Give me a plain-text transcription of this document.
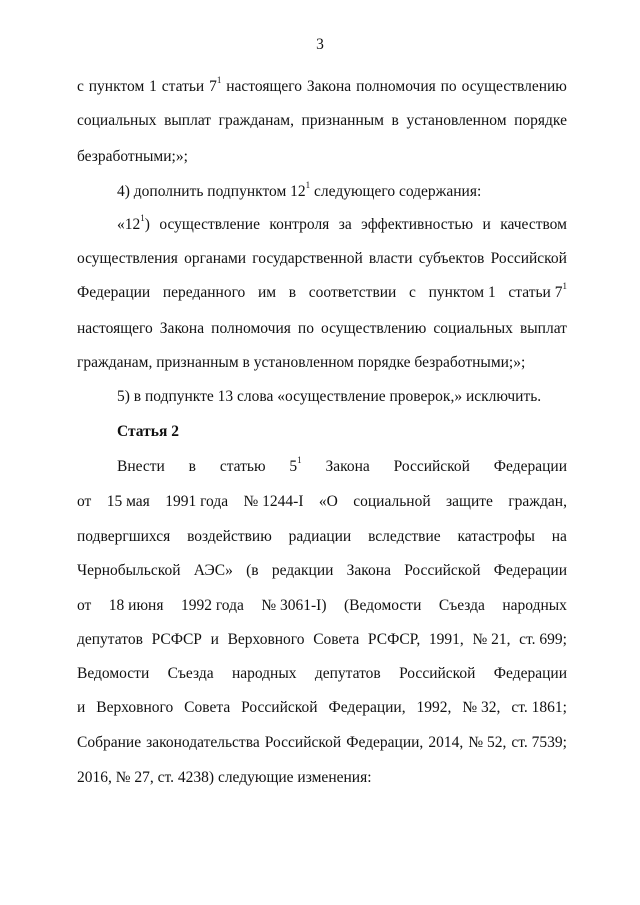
3
с пунктом 1 статьи $7^1$ настоящего Закона полномочия по осуществлению
социальных выплат гражданам, признанным в установленном порядке
безработными;»;
4) дополнить подпунктом $12^1$ следующего содержания:
«$12^1$) осуществление контроля за эффективностью и качеством
осуществления органами государственной власти субъектов Российской
Федерации переданного им в соответствии с пунктом 1 статьи $7^1$
настоящего Закона полномочия по осуществлению социальных выплат
гражданам, признанным в установленном порядке безработными;»;
5) в подпункте 13 слова «осуществление проверок,» исключить.
Статья 2
Внести в статью $5^1$ Закона Российской Федерации
от 15 мая 1991 года № 1244-I «О социальной защите граждан,
подвергшихся воздействию радиации вследствие катастрофы на
Чернобыльской АЭС» (в редакции Закона Российской Федерации
от 18 июня 1992 года № 3061-I) (Ведомости Съезда народных
депутатов РСФСР и Верховного Совета РСФСР, 1991, № 21, ст. 699;
Ведомости Съезда народных депутатов Российской Федерации
и Верховного Совета Российской Федерации, 1992, № 32, ст. 1861;
Собрание законодательства Российской Федерации, 2014, № 52, ст. 7539;
2016, № 27, ст. 4238) следующие изменения:
